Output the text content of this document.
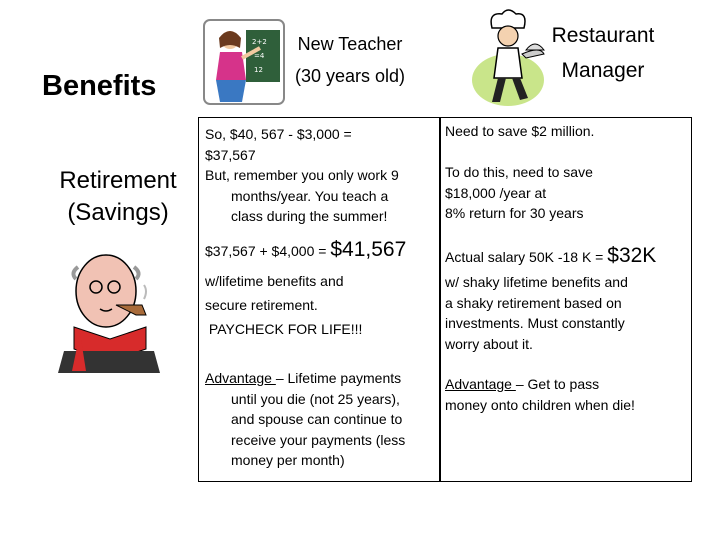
Benefits
Retirement
(Savings)
2+2
=4
12
New Teacher
(30 years old)
Restaurant
Manager
So, $40, 567 - $3,000 =
$37,567
But, remember you only work 9
months/year. You teach a
class during the summer!
$37,567 + $4,000 = $41,567
w/lifetime benefits and
secure retirement.
PAYCHECK FOR LIFE!!!
Advantage – Lifetime payments
until you die (not 25 years),
and spouse can continue to
receive your payments (less
money per month)
Need to save $2 million.
To do this, need to save
$18,000 /year at
8% return for 30 years
Actual salary 50K -18 K = $32K
w/ shaky lifetime benefits and
a shaky retirement based on
investments. Must constantly
worry about it.
Advantage – Get to pass
money onto children when die!
